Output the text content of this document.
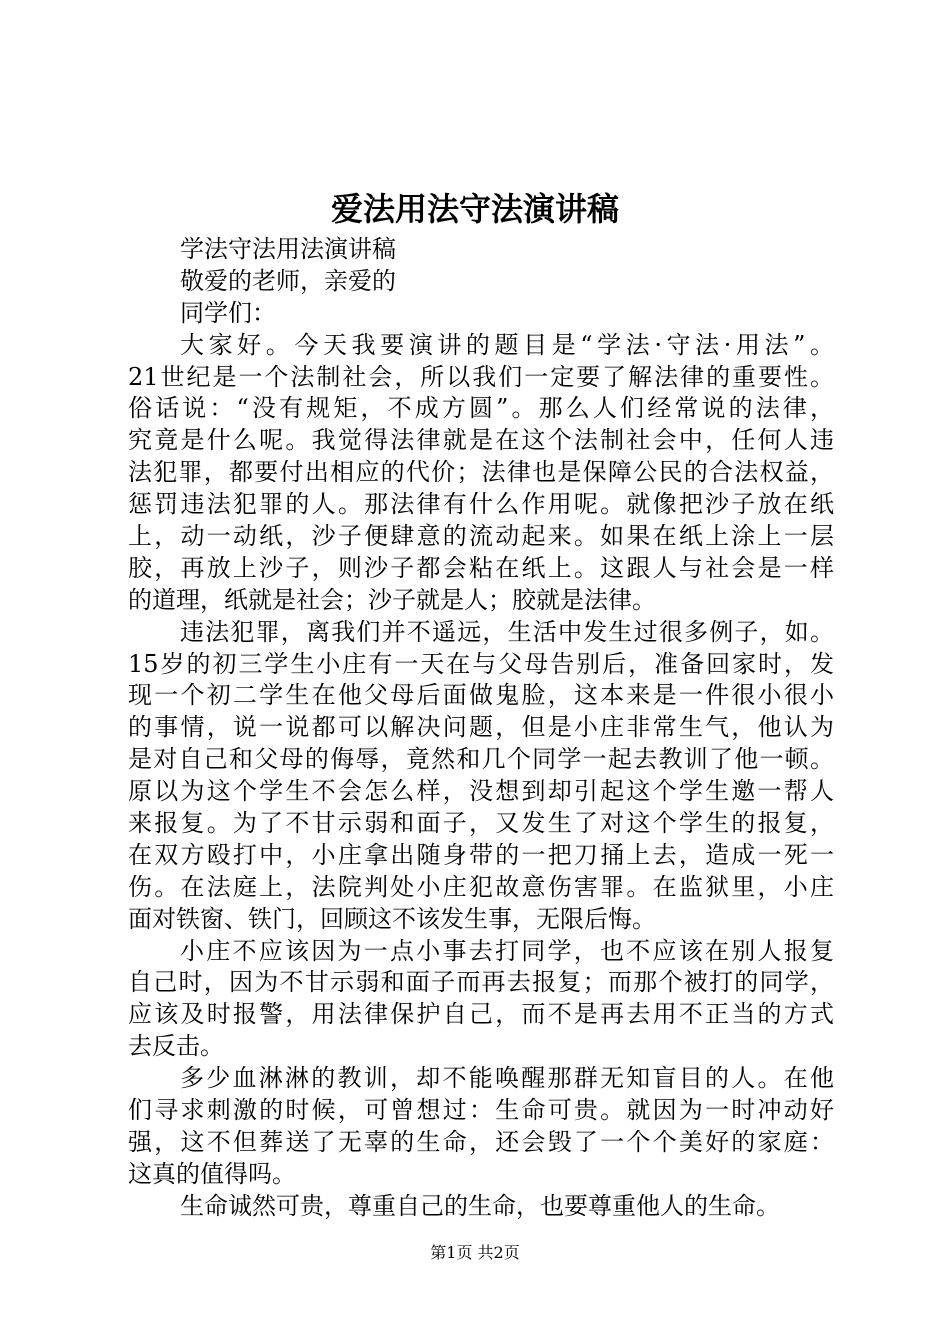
爱法用法守法演讲稿
学法守法用法演讲稿
敬爱的老师，亲爱的
同学们：
大家好。今天我要演讲的题目是“学法·守法·用法”。
21世纪是一个法制社会，所以我们一定要了解法律的重要性。
俗话说：“没有规矩，不成方圆”。那么人们经常说的法律，
究竟是什么呢。我觉得法律就是在这个法制社会中，任何人违
法犯罪，都要付出相应的代价；法律也是保障公民的合法权益，
惩罚违法犯罪的人。那法律有什么作用呢。就像把沙子放在纸
上，动一动纸，沙子便肆意的流动起来。如果在纸上涂上一层
胶，再放上沙子，则沙子都会粘在纸上。这跟人与社会是一样
的道理，纸就是社会；沙子就是人；胶就是法律。
违法犯罪，离我们并不遥远，生活中发生过很多例子，如。
15岁的初三学生小庄有一天在与父母告别后，准备回家时，发
现一个初二学生在他父母后面做鬼脸，这本来是一件很小很小
的事情，说一说都可以解决问题，但是小庄非常生气，他认为
是对自己和父母的侮辱，竟然和几个同学一起去教训了他一顿。
原以为这个学生不会怎么样，没想到却引起这个学生邀一帮人
来报复。为了不甘示弱和面子，又发生了对这个学生的报复，
在双方殴打中，小庄拿出随身带的一把刀捅上去，造成一死一
伤。在法庭上，法院判处小庄犯故意伤害罪。在监狱里，小庄
面对铁窗、铁门，回顾这不该发生事，无限后悔。
小庄不应该因为一点小事去打同学，也不应该在别人报复
自己时，因为不甘示弱和面子而再去报复；而那个被打的同学，
应该及时报警，用法律保护自己，而不是再去用不正当的方式
去反击。
多少血淋淋的教训，却不能唤醒那群无知盲目的人。在他
们寻求刺激的时候，可曾想过：生命可贵。就因为一时冲动好
强，这不但葬送了无辜的生命，还会毁了一个个美好的家庭：
这真的值得吗。
生命诚然可贵，尊重自己的生命，也要尊重他人的生命。
第1页 共2页
